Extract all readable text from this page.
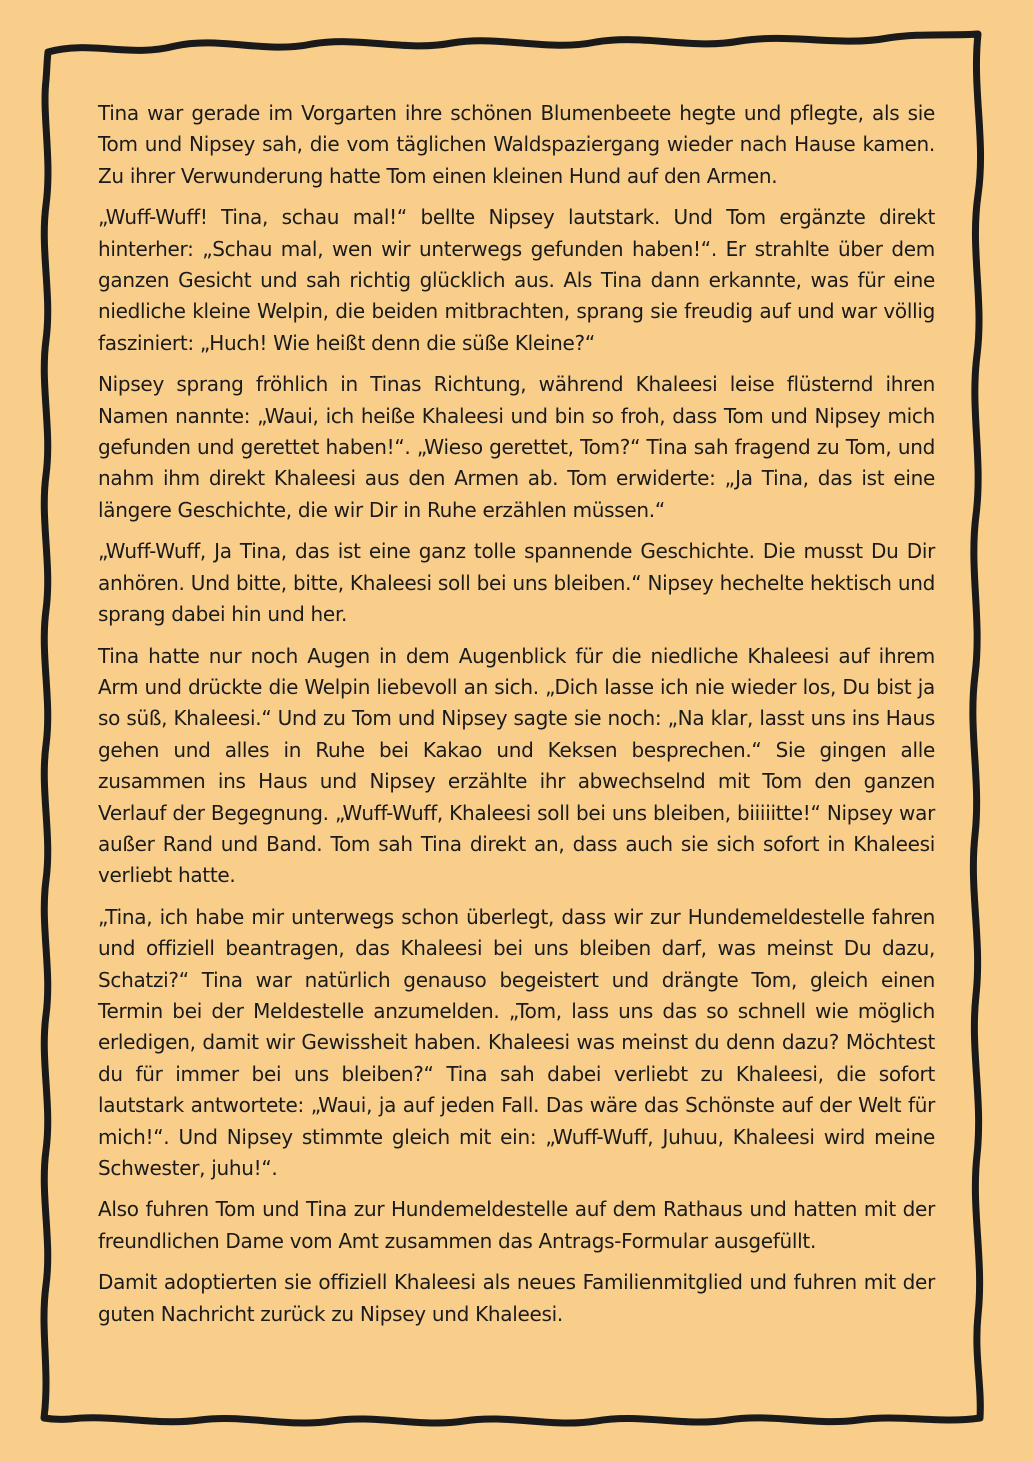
Tina war gerade im Vorgarten ihre schönen Blumenbeete hegte und pflegte, als sie Tom und Nipsey sah, die vom täglichen Waldspaziergang wieder nach Hause kamen. Zu ihrer Verwunderung hatte Tom einen kleinen Hund auf den Armen.

„Wuff-Wuff! Tina, schau mal!“ bellte Nipsey lautstark. Und Tom ergänzte direkt hinterher: „Schau mal, wen wir unterwegs gefunden haben!“. Er strahlte über dem ganzen Gesicht und sah richtig glücklich aus. Als Tina dann erkannte, was für eine niedliche kleine Welpin, die beiden mitbrachten, sprang sie freudig auf und war völlig fasziniert: „Huch! Wie heißt denn die süße Kleine?“

Nipsey sprang fröhlich in Tinas Richtung, während Khaleesi leise flüsternd ihren Namen nannte: „Waui, ich heiße Khaleesi und bin so froh, dass Tom und Nipsey mich gefunden und gerettet haben!“. „Wieso gerettet, Tom?“ Tina sah fragend zu Tom, und nahm ihm direkt Khaleesi aus den Armen ab. Tom erwiderte: „Ja Tina, das ist eine längere Geschichte, die wir Dir in Ruhe erzählen müssen.“

„Wuff-Wuff, Ja Tina, das ist eine ganz tolle spannende Geschichte. Die musst Du Dir anhören. Und bitte, bitte, Khaleesi soll bei uns bleiben.“ Nipsey hechelte hektisch und sprang dabei hin und her.

Tina hatte nur noch Augen in dem Augenblick für die niedliche Khaleesi auf ihrem Arm und drückte die Welpin liebevoll an sich. „Dich lasse ich nie wieder los, Du bist ja so süß, Khaleesi.“ Und zu Tom und Nipsey sagte sie noch: „Na klar, lasst uns ins Haus gehen und alles in Ruhe bei Kakao und Keksen besprechen.“ Sie gingen alle zusammen ins Haus und Nipsey erzählte ihr abwechselnd mit Tom den ganzen Verlauf der Begegnung. „Wuff-Wuff, Khaleesi soll bei uns bleiben, biiiiitte!“ Nipsey war außer Rand und Band. Tom sah Tina direkt an, dass auch sie sich sofort in Khaleesi verliebt hatte.

„Tina, ich habe mir unterwegs schon überlegt, dass wir zur Hundemeldestelle fahren und offiziell beantragen, das Khaleesi bei uns bleiben darf, was meinst Du dazu, Schatzi?“ Tina war natürlich genauso begeistert und drängte Tom, gleich einen Termin bei der Meldestelle anzumelden. „Tom, lass uns das so schnell wie möglich erledigen, damit wir Gewissheit haben. Khaleesi was meinst du denn dazu? Möchtest du für immer bei uns bleiben?“ Tina sah dabei verliebt zu Khaleesi, die sofort lautstark antwortete: „Waui, ja auf jeden Fall. Das wäre das Schönste auf der Welt für mich!“. Und Nipsey stimmte gleich mit ein: „Wuff-Wuff, Juhuu, Khaleesi wird meine Schwester, juhu!“.

Also fuhren Tom und Tina zur Hundemeldestelle auf dem Rathaus und hatten mit der freundlichen Dame vom Amt zusammen das Antrags-Formular ausgefüllt.

Damit adoptierten sie offiziell Khaleesi als neues Familienmitglied und fuhren mit der guten Nachricht zurück zu Nipsey und Khaleesi.
